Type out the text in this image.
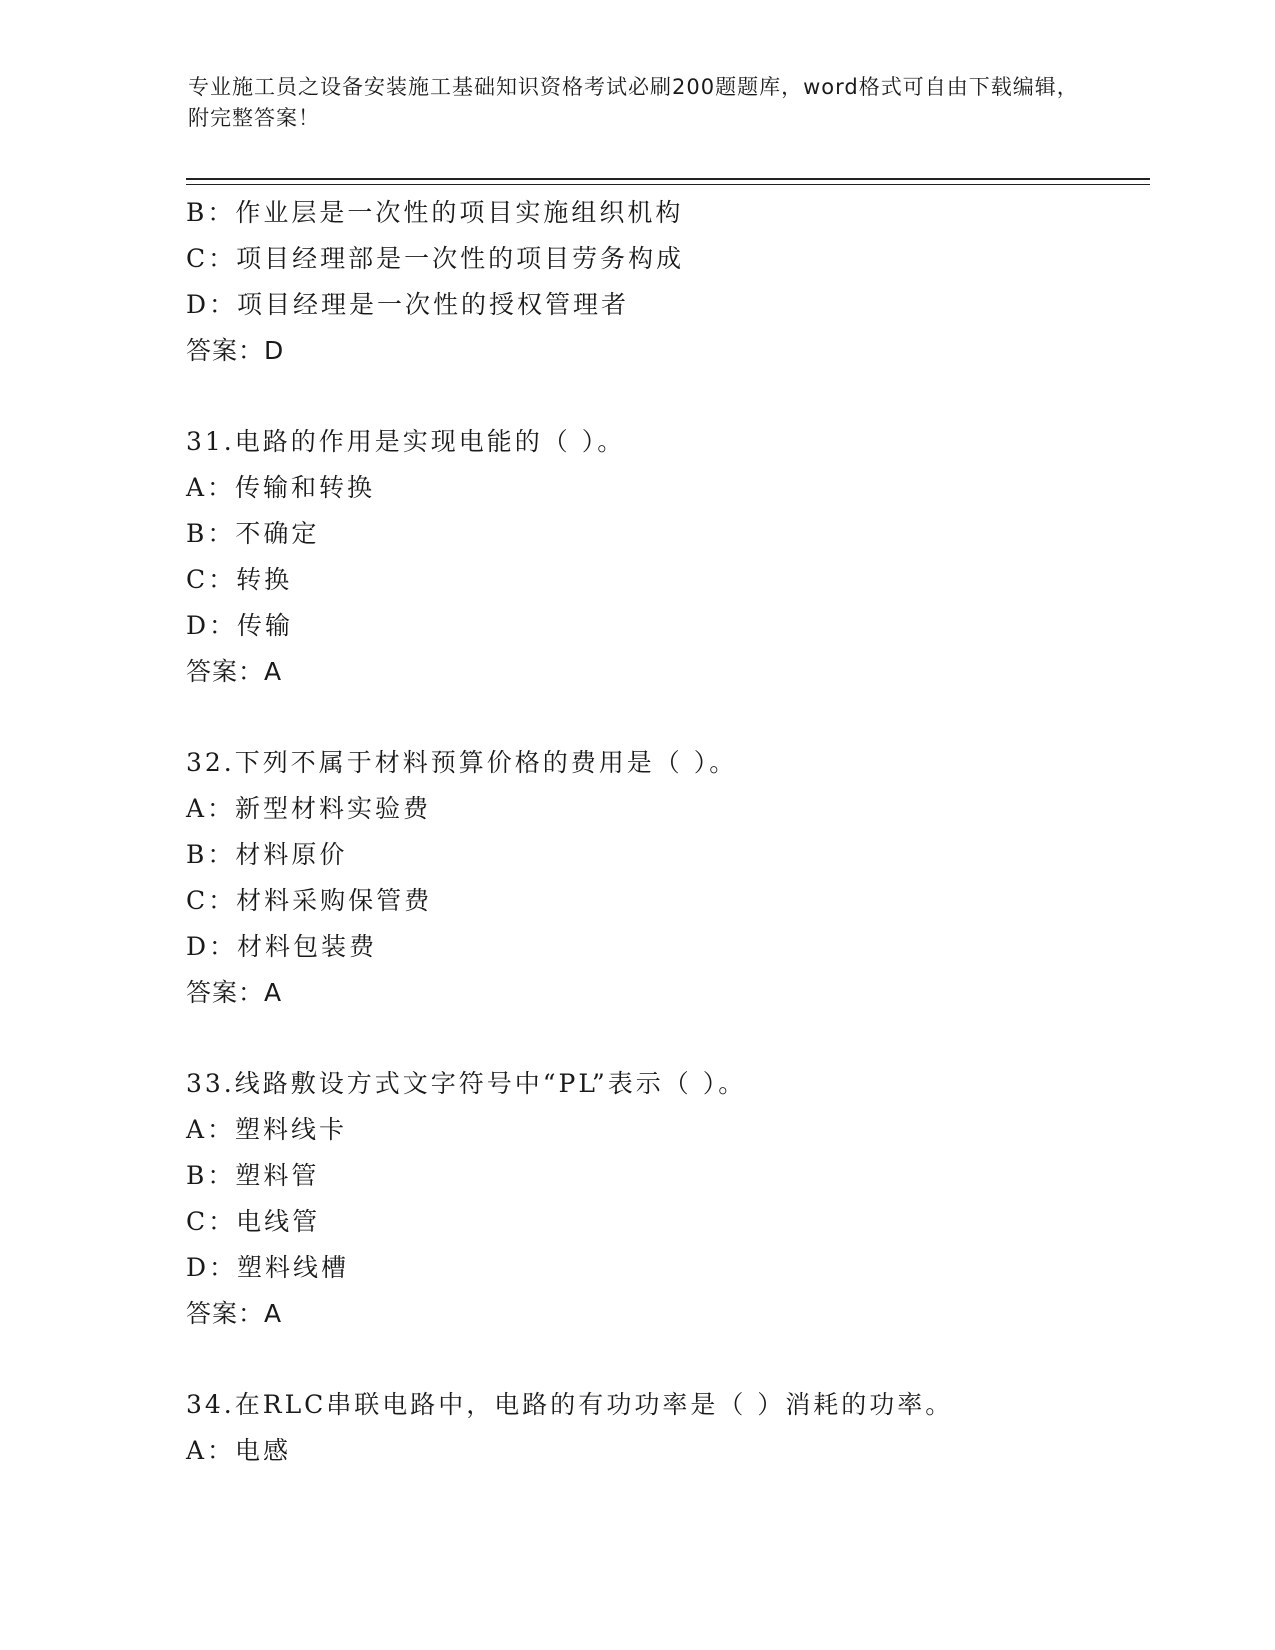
专业施工员之设备安装施工基础知识资格考试必刷200题题库，word格式可自由下载编辑，附完整答案！
B：作业层是一次性的项目实施组织机构
C：项目经理部是一次性的项目劳务构成
D：项目经理是一次性的授权管理者
答案：D
31.电路的作用是实现电能的（ ）。
A：传输和转换
B：不确定
C：转换
D：传输
答案：A
32.下列不属于材料预算价格的费用是（ ）。
A：新型材料实验费
B：材料原价
C：材料采购保管费
D：材料包装费
答案：A
33.线路敷设方式文字符号中“PL”表示（ ）。
A：塑料线卡
B：塑料管
C：电线管
D：塑料线槽
答案：A
34.在RLC串联电路中，电路的有功功率是（ ）消耗的功率。
A：电感
